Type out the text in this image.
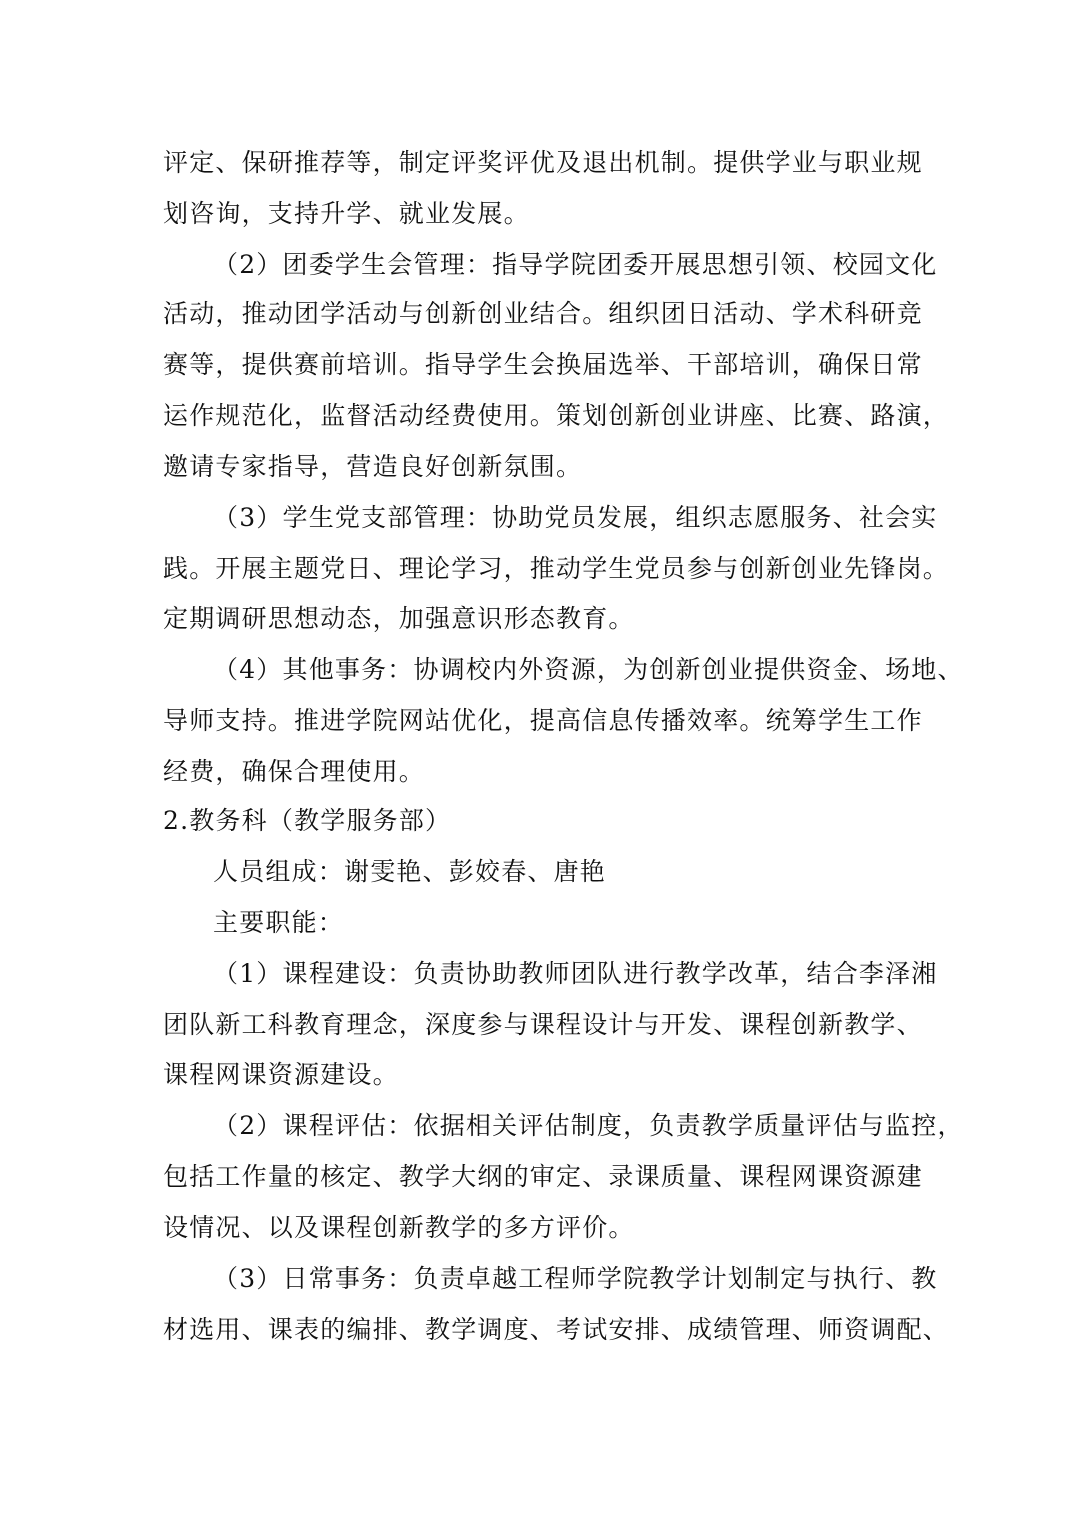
评定、保研推荐等，制定评奖评优及退出机制。提供学业与职业规

划咨询，支持升学、就业发展。

（2）团委学生会管理：指导学院团委开展思想引领、校园文化

活动，推动团学活动与创新创业结合。组织团日活动、学术科研竞

赛等，提供赛前培训。指导学生会换届选举、干部培训，确保日常

运作规范化，监督活动经费使用。策划创新创业讲座、比赛、路演，

邀请专家指导，营造良好创新氛围。

（3）学生党支部管理：协助党员发展，组织志愿服务、社会实

践。开展主题党日、理论学习，推动学生党员参与创新创业先锋岗。

定期调研思想动态，加强意识形态教育。

（4）其他事务：协调校内外资源，为创新创业提供资金、场地、

导师支持。推进学院网站优化，提高信息传播效率。统筹学生工作

经费，确保合理使用。

2.教务科（教学服务部）

人员组成：谢雯艳、彭姣春、唐艳

主要职能：

（1）课程建设：负责协助教师团队进行教学改革，结合李泽湘

团队新工科教育理念，深度参与课程设计与开发、课程创新教学、

课程网课资源建设。

（2）课程评估：依据相关评估制度，负责教学质量评估与监控，

包括工作量的核定、教学大纲的审定、录课质量、课程网课资源建

设情况、以及课程创新教学的多方评价。

（3）日常事务：负责卓越工程师学院教学计划制定与执行、教

材选用、课表的编排、教学调度、考试安排、成绩管理、师资调配、
